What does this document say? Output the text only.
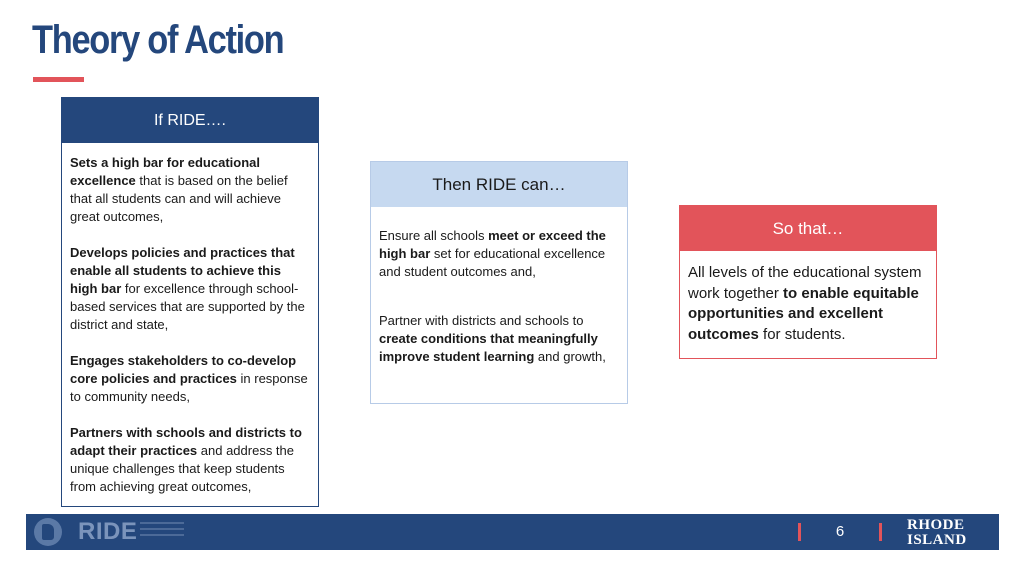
Theory of Action
If RIDE….

Sets a high bar for educational excellence that is based on the belief that all students can and will achieve great outcomes,

Develops policies and practices that enable all students to achieve this high bar for excellence through school-based services that are supported by the district and state,

Engages stakeholders to co-develop core policies and practices in response to community needs,

Partners with schools and districts to adapt their practices and address the unique challenges that keep students from achieving great outcomes,

Then RIDE can…

Ensure all schools meet or exceed the high bar set for educational excellence and student outcomes and,

Partner with districts and schools to create conditions that meaningfully improve student learning and growth,

So that…

All levels of the educational system work together to enable equitable opportunities and excellent outcomes for students.

RIDE	6	RHODE
ISLAND
